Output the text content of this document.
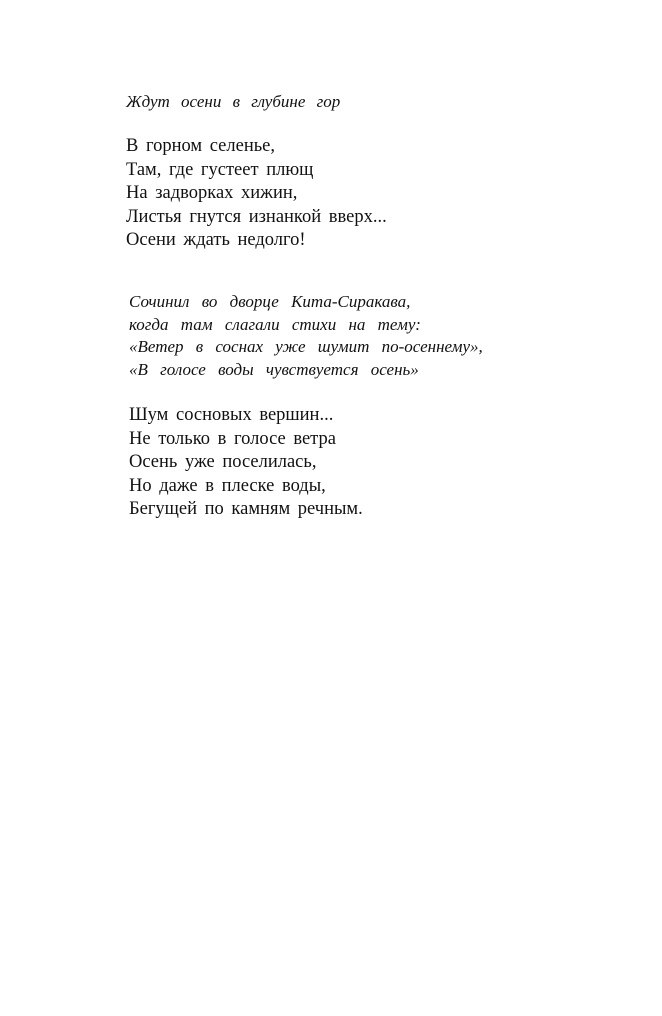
Ждут осени в глубине гор
В горном селенье,
Там, где густеет плющ
На задворках хижин,
Листья гнутся изнанкой вверх...
Осени ждать недолго!
Сочинил во дворце Кита-Сиракава,
когда там слагали стихи на тему:
«Ветер в соснах уже шумит по-осеннему»,
«В голосе воды чувствуется осень»
Шум сосновых вершин...
Не только в голосе ветра
Осень уже поселилась,
Но даже в плеске воды,
Бегущей по камням речным.
